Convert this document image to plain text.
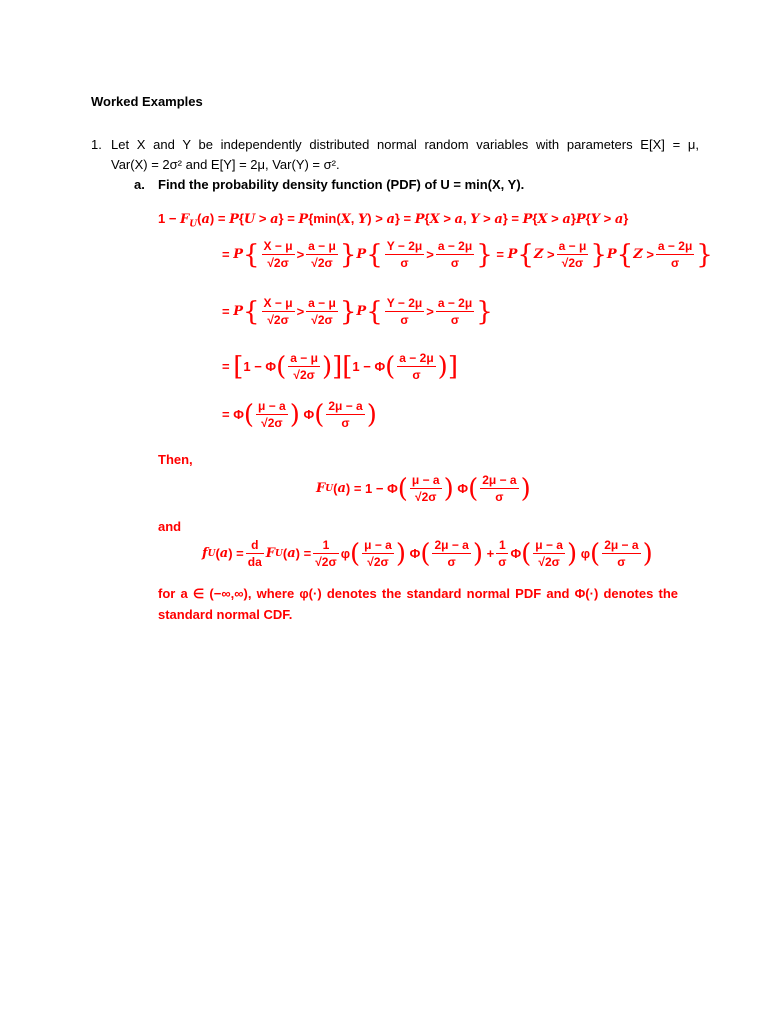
Worked Examples
1. Let X and Y be independently distributed normal random variables with parameters E[X] = μ,
Var(X) = 2σ² and E[Y] = 2μ, Var(Y) = σ².
a. Find the probability density function (PDF) of U = min(X, Y).
$1 - F_U(a) = P\{U > a\} = P\{\min(X$, Y) > a} = P{X > a, Y > a} = P{X > a}P{Y > a}
= P { $\frac{X - \mu}{√2\sigma} > \frac{a - \mu}{√2\sigma}$ } P { $\frac{Y - 2\mu}{\sigma} > \frac{a - 2\mu}{\sigma}$ } = P { $Z > \frac{a - \mu}{√2\sigma}$ } P { $Z > \frac{a - 2\mu}{\sigma}$ }
= P { $\frac{X - \mu}{√2\sigma} > \frac{a - \mu}{√2\sigma}$ } P { $\frac{Y - 2\mu}{\sigma} > \frac{a - 2\mu}{\sigma}$ }
= [ 1 − Φ ( $\frac{a - \mu}{√2\sigma}$ ) ] [ 1 − Φ ( $\frac{a - 2\mu}{\sigma}$ ) ]
= Φ ( $\frac{\mu - a}{√2\sigma}$ ) Φ ( $\frac{2\mu - a}{\sigma}$ )
Then,
F U ( a ) = 1 − Φ ( $\frac{\mu - a}{√2\sigma}$ ) Φ ( $\frac{2\mu - a}{\sigma}$ )
and
f U ( a ) = $\frac{d}{da}$ F U ( a ) = $\frac{1}{√2\sigma}$ φ ( $\frac{\mu - a}{√2\sigma}$ ) Φ ( $\frac{2\mu - a}{\sigma}$ ) + $\frac{1}{\sigma}$ Φ ( $\frac{\mu - a}{√2\sigma}$ ) φ ( $\frac{2\mu - a}{\sigma}$ )
for a ∈ (−∞,∞), where φ(·) denotes the standard normal PDF and Φ(·) denotes the
standard normal CDF.
